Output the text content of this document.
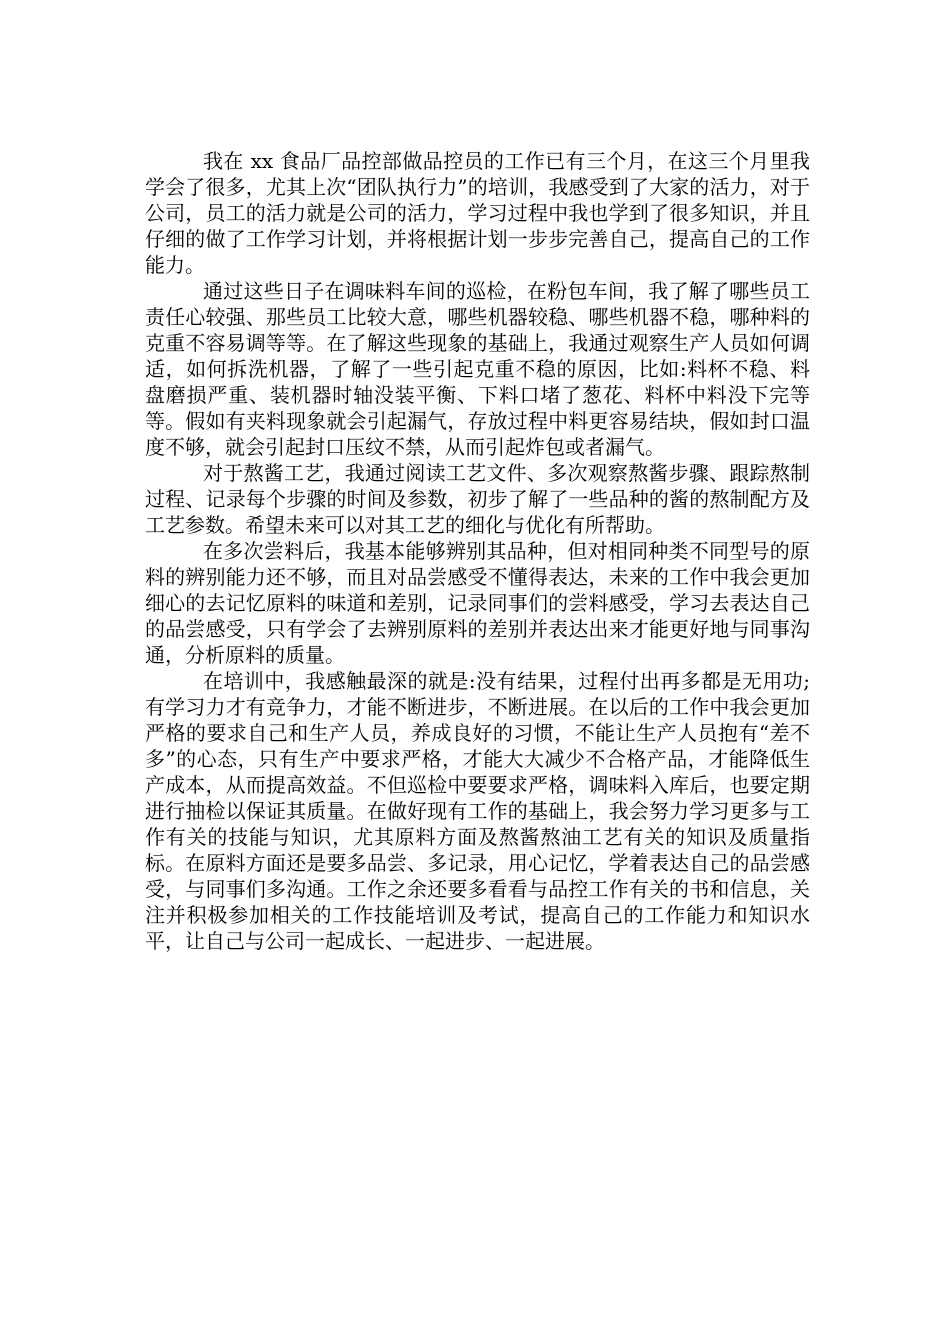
我在 xx 食品厂品控部做品控员的工作已有三个月，在这三个月里我学会了很多，尤其上次“团队执行力”的培训，我感受到了大家的活力，对于公司，员工的活力就是公司的活力，学习过程中我也学到了很多知识，并且仔细的做了工作学习计划，并将根据计划一步步完善自己，提高自己的工作能力。

通过这些日子在调味料车间的巡检，在粉包车间，我了解了哪些员工责任心较强、那些员工比较大意，哪些机器较稳、哪些机器不稳，哪种料的克重不容易调等等。在了解这些现象的基础上，我通过观察生产人员如何调适，如何拆洗机器，了解了一些引起克重不稳的原因，比如:料杯不稳、料盘磨损严重、装机器时轴没装平衡、下料口堵了葱花、料杯中料没下完等等。假如有夹料现象就会引起漏气，存放过程中料更容易结块，假如封口温度不够，就会引起封口压纹不禁，从而引起炸包或者漏气。

对于熬酱工艺，我通过阅读工艺文件、多次观察熬酱步骤、跟踪熬制过程、记录每个步骤的时间及参数，初步了解了一些品种的酱的熬制配方及工艺参数。希望未来可以对其工艺的细化与优化有所帮助。

在多次尝料后，我基本能够辨别其品种，但对相同种类不同型号的原料的辨别能力还不够，而且对品尝感受不懂得表达，未来的工作中我会更加细心的去记忆原料的味道和差别，记录同事们的尝料感受，学习去表达自己的品尝感受，只有学会了去辨别原料的差别并表达出来才能更好地与同事沟通，分析原料的质量。

在培训中，我感触最深的就是:没有结果，过程付出再多都是无用功;有学习力才有竞争力，才能不断进步，不断进展。在以后的工作中我会更加严格的要求自己和生产人员，养成良好的习惯，不能让生产人员抱有“差不多”的心态，只有生产中要求严格，才能大大减少不合格产品，才能降低生产成本，从而提高效益。不但巡检中要要求严格，调味料入库后，也要定期进行抽检以保证其质量。在做好现有工作的基础上，我会努力学习更多与工作有关的技能与知识，尤其原料方面及熬酱熬油工艺有关的知识及质量指标。在原料方面还是要多品尝、多记录，用心记忆，学着表达自己的品尝感受，与同事们多沟通。工作之余还要多看看与品控工作有关的书和信息，关注并积极参加相关的工作技能培训及考试，提高自己的工作能力和知识水平，让自己与公司一起成长、一起进步、一起进展。
